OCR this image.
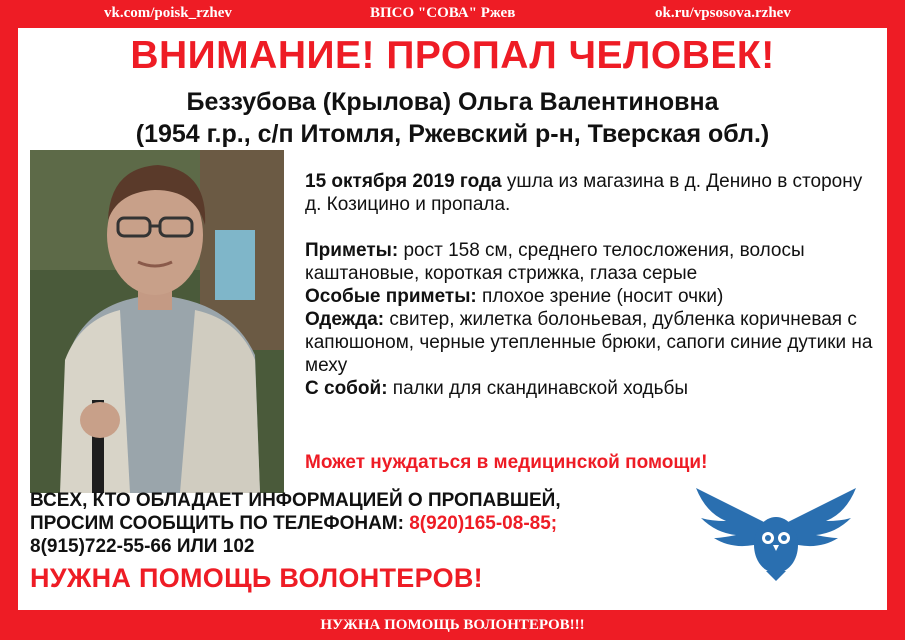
vk.com/poisk_rzhev	ВПСО "СОВА" Ржев	ok.ru/vpsosova.rzhev
ВНИМАНИЕ! ПРОПАЛ ЧЕЛОВЕК!
Беззубова (Крылова) Ольга Валентиновна
(1954 г.р., с/п Итомля, Ржевский р-н, Тверская обл.)

15 октября 2019 года ушла из магазина в д. Денино в сторону д. Козицино и пропала.

Приметы: рост 158 см, среднего телосложения, волосы каштановые, короткая стрижка, глаза серые

Особые приметы: плохое зрение (носит очки)

Одежда: свитер, жилетка болоньевая, дубленка коричневая с капюшоном, черные утепленные брюки, сапоги синие дутики на меху

С собой: палки для скандинавской ходьбы

Может нуждаться в медицинской помощи!
ВСЕХ, КТО ОБЛАДАЕТ ИНФОРМАЦИЕЙ О ПРОПАВШЕЙ,
ПРОСИМ СООБЩИТЬ ПО ТЕЛЕФОНАМ: 8(920)165-08-85;
8(915)722-55-66 ИЛИ 102
НУЖНА ПОМОЩЬ ВОЛОНТЕРОВ!
НУЖНА ПОМОЩЬ ВОЛОНТЕРОВ!!!
